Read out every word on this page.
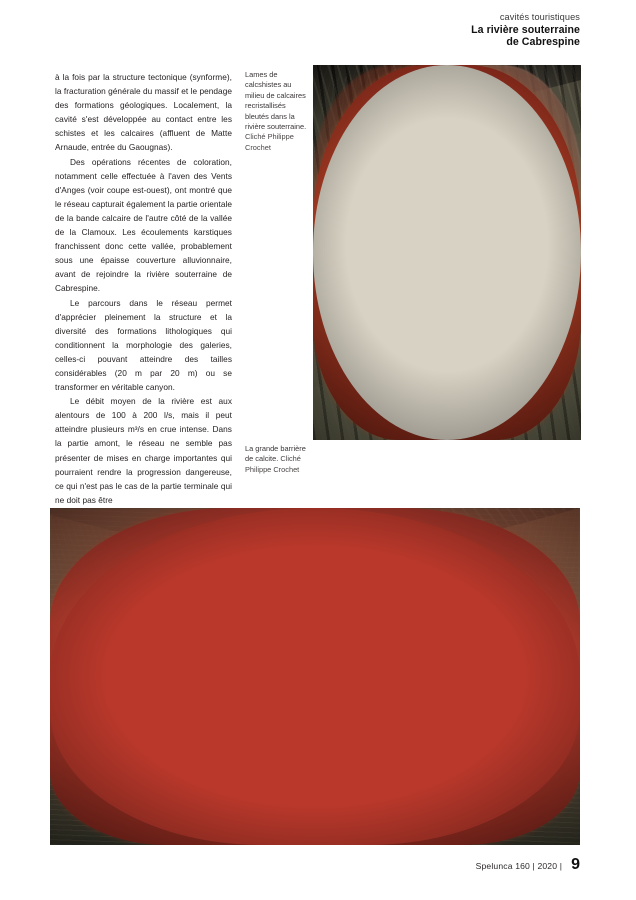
cavités touristiques
La rivière souterraine
de Cabrespine

à la fois par la structure tectonique (synforme), la fracturation générale du massif et le pendage des formations géologiques. Localement, la cavité s'est développée au contact entre les schistes et les calcaires (affluent de Matte Arnaude, entrée du Gaougnas).

Des opérations récentes de coloration, notamment celle effectuée à l'aven des Vents d'Anges (voir coupe est-ouest), ont montré que le réseau capturait également la partie orientale de la bande calcaire de l'autre côté de la vallée de la Clamoux. Les écoulements karstiques franchissent donc cette vallée, probablement sous une épaisse couverture alluvionnaire, avant de rejoindre la rivière souterraine de Cabrespine.

Le parcours dans le réseau permet d'apprécier pleinement la structure et la diversité des formations lithologiques qui conditionnent la morphologie des galeries, celles-ci pouvant atteindre des tailles considérables (20 m par 20 m) ou se transformer en véritable canyon.

Le débit moyen de la rivière est aux alentours de 100 à 200 l/s, mais il peut atteindre plusieurs m³/s en crue intense. Dans la partie amont, le réseau ne semble pas présenter de mises en charge importantes qui pourraient rendre la progression dangereuse, ce qui n'est pas le cas de la partie terminale qui ne doit pas être

Lames de calcshistes au milieu de calcaires recristallisés bleutés dans la rivière souterraine. Cliché Philippe Crochet
La grande barrière de calcite. Cliché Philippe Crochet
Spelunca 160 | 2020 | 9
